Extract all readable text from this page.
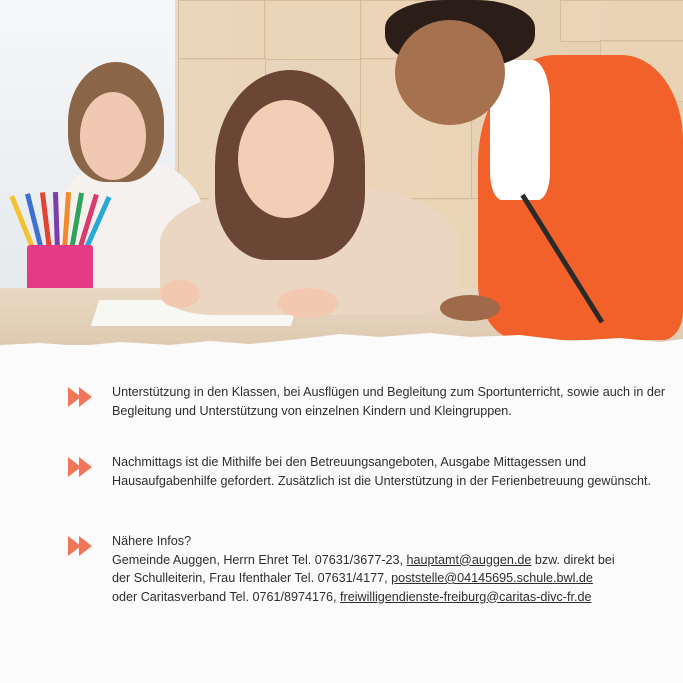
Unterstützung in den Klassen, bei Ausflügen und Begleitung zum Sportunterricht, sowie auch in der Begleitung und Unterstützung von einzelnen Kindern und Kleingruppen.
Nachmittags ist die Mithilfe bei den Betreuungsangeboten, Ausgabe Mittagessen und Hausaufgabenhilfe gefordert. Zusätzlich ist die Unterstützung in der Ferienbetreuung gewünscht.

Nähere Infos?

Gemeinde Auggen, Herrn Ehret Tel. 07631/3677-23, hauptamt@auggen.de bzw. direkt bei

der Schulleiterin, Frau Ifenthaler Tel. 07631/4177, poststelle@04145695.schule.bwl.de

oder Caritasverband Tel. 0761/8974176, freiwilligendienste-freiburg@caritas-divc-fr.de
